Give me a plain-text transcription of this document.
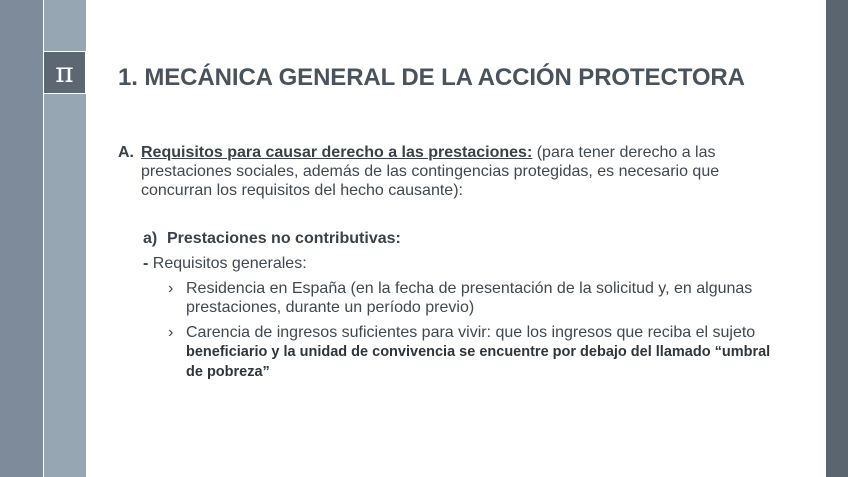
π 1. MECÁNICA GENERAL DE LA ACCIÓN PROTECTORA
A. Requisitos para causar derecho a las prestaciones: (para tener derecho a las prestaciones sociales, además de las contingencias protegidas, es necesario que concurran los requisitos del hecho causante):
a) Prestaciones no contributivas:
- Requisitos generales:
› Residencia en España (en la fecha de presentación de la solicitud y, en algunas prestaciones, durante un período previo)
› Carencia de ingresos suficientes para vivir: que los ingresos que reciba el sujeto beneficiario y la unidad de convivencia se encuentre por debajo del llamado “umbral de pobreza”
